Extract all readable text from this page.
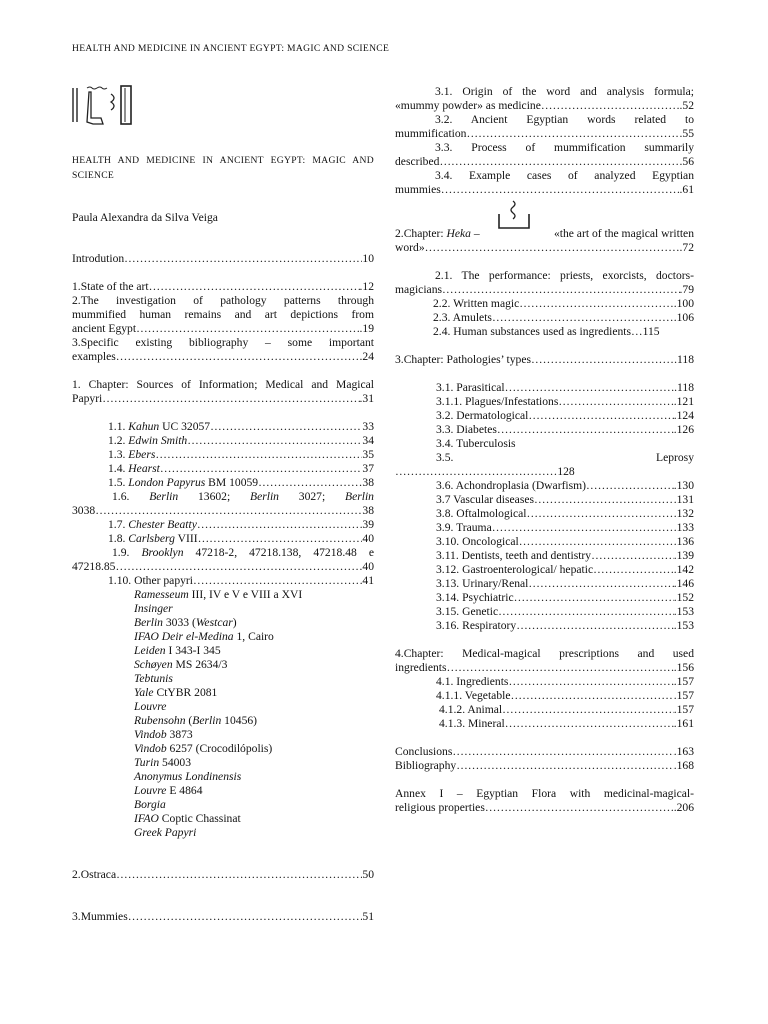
HEALTH AND MEDICINE IN ANCIENT EGYPT: MAGIC AND SCIENCE
HEALTH AND MEDICINE IN ANCIENT EGYPT: MAGIC AND SCIENCE
Paula Alexandra da Silva Veiga
Introdution ……………………………………………………………………………………………………………………………………………………………	10
1.State of the art ……………………………………………………………………………………………………………………………………………………………	.12
2.The investigation of pathology patterns through
mummified human remains and art depictions from
ancient Egypt ……………………………………………………………………………………………………………………………………………………………	.19
3.Specific existing bibliography – some important
examples ……………………………………………………………………………………………………………………………………………………………	.24
1. Chapter: Sources of Information; Medical and Magical
Papyri ……………………………………………………………………………………………………………………………………………………………	.31
1.1. Kahun UC 32057 ……………………………………………………………………………………………………………………………………………………………	33
1.2. Edwin Smith ……………………………………………………………………………………………………………………………………………………………	34
1.3. Ebers ……………………………………………………………………………………………………………………………………………………………	35
1.4. Hearst ……………………………………………………………………………………………………………………………………………………………	37
1.5. London Papyrus BM 10059 ……………………………………………………………………………………………………………………………………………………………	38
1.6. Berlin 13602; Berlin 3027; Berlin
3038 ……………………………………………………………………………………………………………………………………………………………	38
1.7. Chester Beatty ……………………………………………………………………………………………………………………………………………………………	39
1.8. Carlsberg VIII ……………………………………………………………………………………………………………………………………………………………	40
1.9. Brooklyn 47218-2, 47218.138, 47218.48 e
47218.85 ……………………………………………………………………………………………………………………………………………………………	40
1.10. Other papyri ……………………………………………………………………………………………………………………………………………………………	41
Ramesseum III, IV e V e VIII a XVI
Insinger
Berlin 3033 (Westcar)
IFAO Deir el-Medina 1, Cairo
Leiden I 343-I 345
Schøyen MS 2634/3
Tebtunis
Yale CtYBR 2081
Louvre
Rubensohn (Berlin 10456)
Vindob 3873
Vindob 6257 (Crocodilópolis)
Turin 54003
Anonymus Londinensis
Louvre E 4864
Borgia
IFAO Coptic Chassinat
Greek Papyri
2.Ostraca ……………………………………………………………………………………………………………………………………………………………	50
3.Mummies ……………………………………………………………………………………………………………………………………………………………	51
3.1. Origin of the word and analysis formula;
«mummy powder» as medicine ……………………………………………………………………………………………………………………………………………………………	.52
3.2. Ancient Egyptian words related to
mummification ……………………………………………………………………………………………………………………………………………………………	.55
3.3. Process of mummification summarily
described ……………………………………………………………………………………………………………………………………………………………	.56
3.4. Example cases of analyzed Egyptian
mummies ……………………………………………………………………………………………………………………………………………………………	.61
2.Chapter: Heka –	«the art of the magical written
word» ……………………………………………………………………………………………………………………………………………………………	.72
2.1. The performance: priests, exorcists, doctors-
magicians ……………………………………………………………………………………………………………………………………………………………	.79
2.2. Written magic ……………………………………………………………………………………………………………………………………………………………	.100
2.3. Amulets ……………………………………………………………………………………………………………………………………………………………	.106
2.4. Human substances used as ingredients…115
3.Chapter: Pathologies’ types ……………………………………………………………………………………………………………………………………………………………	.118
3.1. Parasitical ……………………………………………………………………………………………………………………………………………………………	.118
3.1.1. Plagues/Infestations ……………………………………………………………………………………………………………………………………………………………	.121
3.2. Dermatological ……………………………………………………………………………………………………………………………………………………………	.124
3.3. Diabetes ……………………………………………………………………………………………………………………………………………………………	.126
3.4. Tuberculosis
3.5.	Leprosy
……………………………………128
3.6. Achondroplasia (Dwarfism) ……………………………………………………………………………………………………………………………………………………………	.130
3.7 Vascular diseases ……………………………………………………………………………………………………………………………………………………………	.131
3.8. Oftalmological ……………………………………………………………………………………………………………………………………………………………	.132
3.9. Trauma ……………………………………………………………………………………………………………………………………………………………	.133
3.10. Oncological ……………………………………………………………………………………………………………………………………………………………	.136
3.11. Dentists, teeth and dentistry ……………………………………………………………………………………………………………………………………………………………	.139
3.12. Gastroenterological/ hepatic ……………………………………………………………………………………………………………………………………………………………	.142
3.13. Urinary/Renal ……………………………………………………………………………………………………………………………………………………………	.146
3.14. Psychiatric ……………………………………………………………………………………………………………………………………………………………	.152
3.15. Genetic ……………………………………………………………………………………………………………………………………………………………	.153
3.16. Respiratory ……………………………………………………………………………………………………………………………………………………………	.153
4.Chapter: Medical-magical prescriptions and used
ingredients ……………………………………………………………………………………………………………………………………………………………	.156
4.1. Ingredients ……………………………………………………………………………………………………………………………………………………………	.157
4.1.1. Vegetable ……………………………………………………………………………………………………………………………………………………………	.157
4.1.2. Animal ……………………………………………………………………………………………………………………………………………………………	.157
4.1.3. Mineral ……………………………………………………………………………………………………………………………………………………………	.161
Conclusions ……………………………………………………………………………………………………………………………………………………………	.163
Bibliography ……………………………………………………………………………………………………………………………………………………………	.168
Annex I – Egyptian Flora with medicinal-magical-
religious properties ……………………………………………………………………………………………………………………………………………………………	.206
